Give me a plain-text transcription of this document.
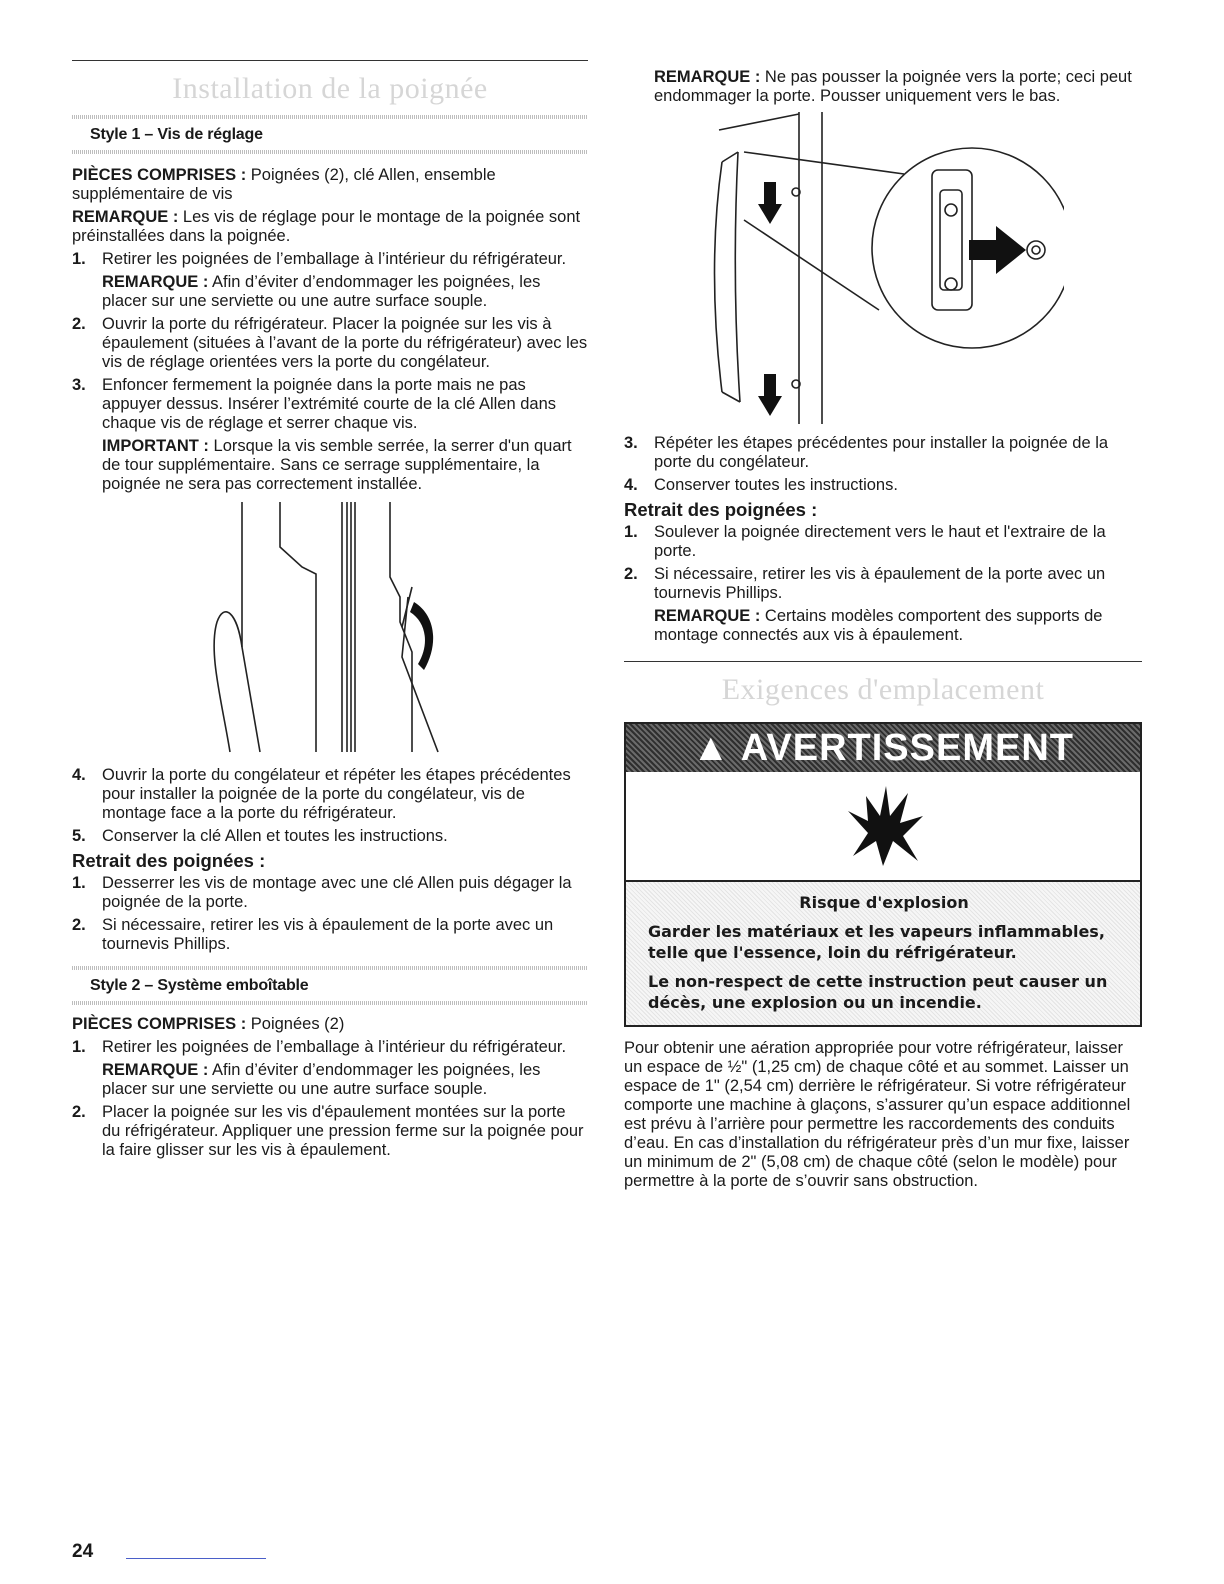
Installation de la poignée
Style 1 – Vis de réglage

PIÈCES COMPRISES : Poignées (2), clé Allen, ensemble supplémentaire de vis

REMARQUE : Les vis de réglage pour le montage de la poignée sont préinstallées dans la poignée.

1. Retirer les poignées de l’emballage à l’intérieur du réfrigérateur.

REMARQUE : Afin d’éviter d’endommager les poignées, les placer sur une serviette ou une autre surface souple.

2. Ouvrir la porte du réfrigérateur. Placer la poignée sur les vis à épaulement (situées à l’avant de la porte du réfrigérateur) avec les vis de réglage orientées vers la porte du congélateur.
3. Enfoncer fermement la poignée dans la porte mais ne pas appuyer dessus. Insérer l’extrémité courte de la clé Allen dans chaque vis de réglage et serrer chaque vis.

IMPORTANT : Lorsque la vis semble serrée, la serrer d'un quart de tour supplémentaire. Sans ce serrage supplémentaire, la poignée ne sera pas correctement installée.

4. Ouvrir la porte du congélateur et répéter les étapes précédentes pour installer la poignée de la porte du congélateur, vis de montage face a la porte du réfrigérateur.
5. Conserver la clé Allen et toutes les instructions.
Retrait des poignées :
1. Desserrer les vis de montage avec une clé Allen puis dégager la poignée de la porte.
2. Si nécessaire, retirer les vis à épaulement de la porte avec un tournevis Phillips.
Style 2 – Système emboîtable

PIÈCES COMPRISES : Poignées (2)

1. Retirer les poignées de l’emballage à l’intérieur du réfrigérateur.

REMARQUE : Afin d’éviter d’endommager les poignées, les placer sur une serviette ou une autre surface souple.

2. Placer la poignée sur les vis d'épaulement montées sur la porte du réfrigérateur. Appliquer une pression ferme sur la poignée pour la faire glisser sur les vis à épaulement.

REMARQUE : Ne pas pousser la poignée vers la porte; ceci peut endommager la porte. Pousser uniquement vers le bas.

3. Répéter les étapes précédentes pour installer la poignée de la porte du congélateur.
4. Conserver toutes les instructions.
Retrait des poignées :
1. Soulever la poignée directement vers le haut et l'extraire de la porte.
2. Si nécessaire, retirer les vis à épaulement de la porte avec un tournevis Phillips.

REMARQUE : Certains modèles comportent des supports de montage connectés aux vis à épaulement.

Exigences d'emplacement
▲ AVERTISSEMENT

Risque d'explosion

Garder les matériaux et les vapeurs inflammables, telle que l'essence, loin du réfrigérateur.

Le non-respect de cette instruction peut causer un décès, une explosion ou un incendie.

Pour obtenir une aération appropriée pour votre réfrigérateur, laisser un espace de ½" (1,25 cm) de chaque côté et au sommet. Laisser un espace de 1" (2,54 cm) derrière le réfrigérateur. Si votre réfrigérateur comporte une machine à glaçons, s’assurer qu’un espace additionnel est prévu à l’arrière pour permettre les raccordements des conduits d’eau. En cas d’installation du réfrigérateur près d’un mur fixe, laisser un minimum de 2" (5,08 cm) de chaque côté (selon le modèle) pour permettre à la porte de s’ouvrir sans obstruction.

24
